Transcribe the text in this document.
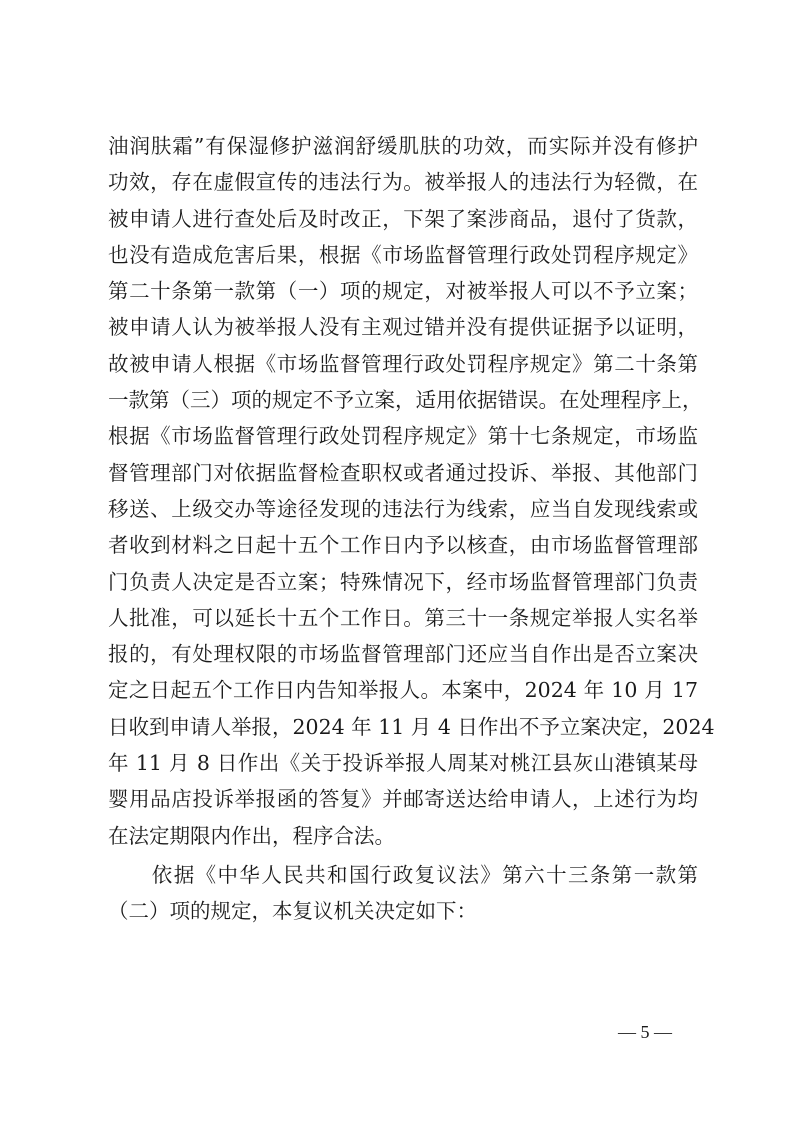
油润肤霜”有保湿修护滋润舒缓肌肤的功效，而实际并没有修护
功效，存在虚假宣传的违法行为。被举报人的违法行为轻微，在
被申请人进行查处后及时改正，下架了案涉商品，退付了货款，
也没有造成危害后果，根据《市场监督管理行政处罚程序规定》
第二十条第一款第（一）项的规定，对被举报人可以不予立案；
被申请人认为被举报人没有主观过错并没有提供证据予以证明，
故被申请人根据《市场监督管理行政处罚程序规定》第二十条第
一款第（三）项的规定不予立案，适用依据错误。在处理程序上，
根据《市场监督管理行政处罚程序规定》第十七条规定，市场监
督管理部门对依据监督检查职权或者通过投诉、举报、其他部门
移送、上级交办等途径发现的违法行为线索，应当自发现线索或
者收到材料之日起十五个工作日内予以核查，由市场监督管理部
门负责人决定是否立案；特殊情况下，经市场监督管理部门负责
人批准，可以延长十五个工作日。第三十一条规定举报人实名举
报的，有处理权限的市场监督管理部门还应当自作出是否立案决
定之日起五个工作日内告知举报人。本案中，2024 年 10 月 17
日收到申请人举报，2024 年 11 月 4 日作出不予立案决定，2024
年 11 月 8 日作出《关于投诉举报人周某对桃江县灰山港镇某母
婴用品店投诉举报函的答复》并邮寄送达给申请人，上述行为均
在法定期限内作出，程序合法。
　　依据《中华人民共和国行政复议法》第六十三条第一款第
（二）项的规定，本复议机关决定如下：
— 5 —
